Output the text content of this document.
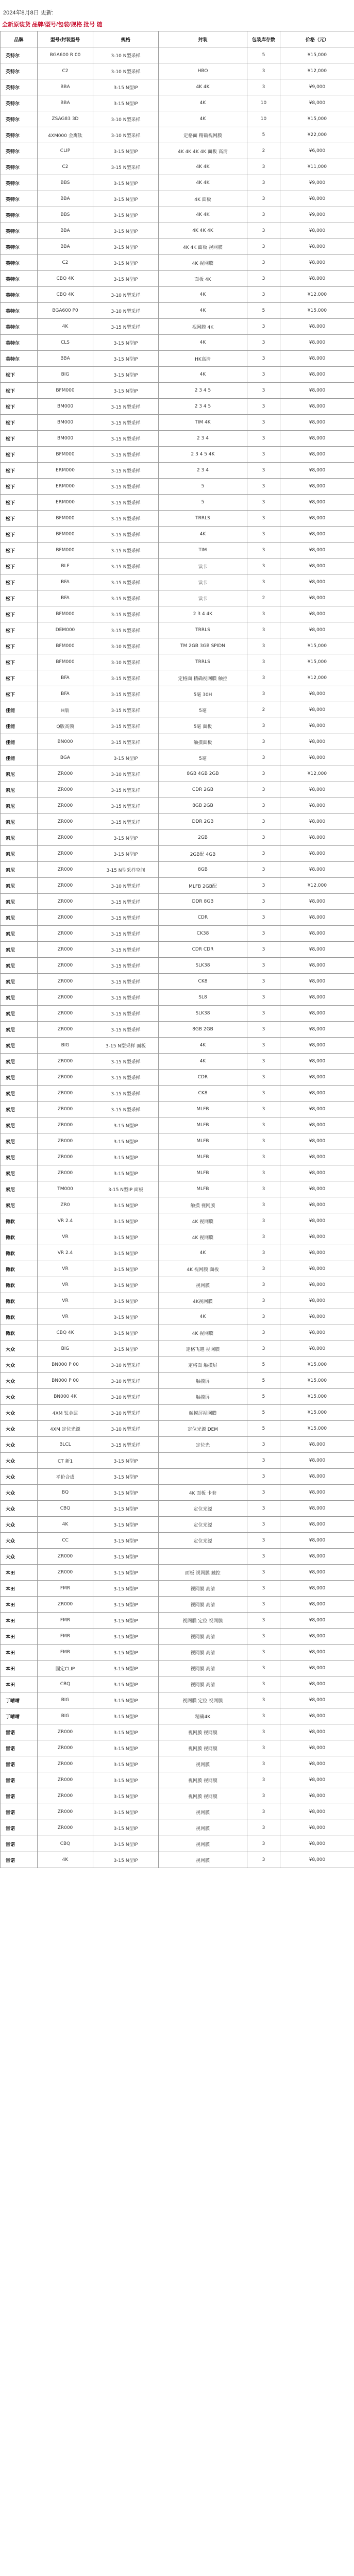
2024年8月8日 更新:
全新原装货 品牌/型号/包装/规格 批号 随
品牌	型号/封装型号	规格	封装	包装库存数	价格（元）
英特尔	BGA600 R 00	3-10 N型采样		5	¥15,000
英特尔	C2	3-10 N型采样	HBO	3	¥12,000
英特尔	BBA	3-15 N型IP	4K 4K	3	¥9,000
英特尔	BBA	3-15 N型IP	4K	10	¥8,000
英特尔	ZSAG83 3D	3-10 N型采样	4K	10	¥15,000
英特尔	4XM000 金鹰钛	3-10 N型采样	定格面 精确视网膜	5	¥22,000
英特尔	CLIP	3-15 N型IP	4K 4K 4K 4K 面板 高清	2	¥6,000
英特尔	C2	3-15 N型采样	4K 4K	3	¥11,000
英特尔	BBS	3-15 N型IP	4K 4K	3	¥9,000
英特尔	BBA	3-15 N型IP	4K 面板	3	¥8,000
英特尔	BBS	3-15 N型IP	4K 4K	3	¥9,000
英特尔	BBA	3-15 N型IP	4K 4K 4K	3	¥8,000
英特尔	BBA	3-15 N型IP	4K 4K 面板 视网膜	3	¥8,000
英特尔	C2	3-15 N型IP	4K 视网膜	3	¥8,000
英特尔	CBQ 4K	3-15 N型IP	面板 4K	3	¥8,000
英特尔	CBQ 4K	3-10 N型采样	4K	3	¥12,000
英特尔	BGA600 P0	3-10 N型采样	4K	5	¥15,000
英特尔	4K	3-15 N型采样	视网膜 4K	3	¥8,000
英特尔	CLS	3-15 N型IP	4K	3	¥8,000
英特尔	BBA	3-15 N型IP	HK高清	3	¥8,000
松下	BIG	3-15 N型IP	4K	3	¥8,000
松下	BFM000	3-15 N型IP	2 3 4 5	3	¥8,000
松下	BM000	3-15 N型采样	2 3 4 5	3	¥8,000
松下	BM000	3-15 N型采样	TIM 4K	3	¥8,000
松下	BM000	3-15 N型采样	2 3 4	3	¥8,000
松下	BFM000	3-15 N型采样	2 3 4 5 4K	3	¥8,000
松下	ERM000	3-15 N型采样	2 3 4	3	¥8,000
松下	ERM000	3-15 N型采样	5	3	¥8,000
松下	ERM000	3-15 N型采样	5	3	¥8,000
松下	BFM000	3-15 N型采样	TRRLS	3	¥8,000
松下	BFM000	3-15 N型采样	4K	3	¥8,000
松下	BFM000	3-15 N型采样	TIM	3	¥8,000
松下	BLF	3-15 N型采样	读卡	3	¥8,000
松下	BFA	3-15 N型采样	读卡	3	¥8,000
松下	BFA	3-15 N型采样	读卡	2	¥8,000
松下	BFM000	3-15 N型采样	2 3 4 4K	3	¥8,000
松下	DEM000	3-15 N型采样	TRRLS	3	¥8,000
松下	BFM000	3-10 N型采样	TM 2GB 3GB SPIDN	3	¥15,000
松下	BFM000	3-10 N型采样	TRRLS	3	¥15,000
松下	BFA	3-15 N型采样	定格面 精确视网膜 触控	3	¥12,000
松下	BFA	3-15 N型采样	5毫 30H	3	¥8,000
佳能	H版	3-15 N型采样	5毫	2	¥8,000
佳能	Q版高频	3-15 N型采样	5毫 面板	3	¥8,000
佳能	BN000	3-15 N型采样	触摸面板	3	¥8,000
佳能	BGA	3-15 N型IP	5毫	3	¥8,000
索尼	ZR000	3-10 N型采样	8GB 4GB 2GB	3	¥12,000
索尼	ZR000	3-15 N型采样	CDR 2GB	3	¥8,000
索尼	ZR000	3-15 N型采样	8GB 2GB	3	¥8,000
索尼	ZR000	3-15 N型采样	DDR 2GB	3	¥8,000
索尼	ZR000	3-15 N型IP	2GB	3	¥8,000
索尼	ZR000	3-15 N型IP	2GB配 4GB	3	¥8,000
索尼	ZR000	3-15 N型采样空间	8GB	3	¥8,000
索尼	ZR000	3-10 N型采样	MLFB 2GB配	3	¥12,000
索尼	ZR000	3-15 N型采样	DDR 8GB	3	¥8,000
索尼	ZR000	3-15 N型采样	CDR	3	¥8,000
索尼	ZR000	3-15 N型采样	CK38	3	¥8,000
索尼	ZR000	3-15 N型采样	CDR CDR	3	¥8,000
索尼	ZR000	3-15 N型采样	SLK38	3	¥8,000
索尼	ZR000	3-15 N型采样	CK8	3	¥8,000
索尼	ZR000	3-15 N型采样	SL8	3	¥8,000
索尼	ZR000	3-15 N型采样	SLK38	3	¥8,000
索尼	ZR000	3-15 N型采样	8GB 2GB	3	¥8,000
索尼	BIG	3-15 N型采样 面板	4K	3	¥8,000
索尼	ZR000	3-15 N型采样	4K	3	¥8,000
索尼	ZR000	3-15 N型采样	CDR	3	¥8,000
索尼	ZR000	3-15 N型采样	CK8	3	¥8,000
索尼	ZR000	3-15 N型采样	MLFB	3	¥8,000
索尼	ZR000	3-15 N型IP	MLFB	3	¥8,000
索尼	ZR000	3-15 N型IP	MLFB	3	¥8,000
索尼	ZR000	3-15 N型IP	MLFB	3	¥8,000
索尼	ZR000	3-15 N型IP	MLFB	3	¥8,000
索尼	TM000	3-15 N型IP 面板	MLFB	3	¥8,000
索尼	ZR0	3-15 N型IP	触摸 视网膜	3	¥8,000
微软	VR 2.4	3-15 N型IP	4K 视网膜	3	¥8,000
微软	VR	3-15 N型IP	4K 视网膜	3	¥8,000
微软	VR 2.4	3-15 N型IP	4K	3	¥8,000
微软	VR	3-15 N型IP	4K 视网膜 面板	3	¥8,000
微软	VR	3-15 N型IP	视网膜	3	¥8,000
微软	VR	3-15 N型IP	4K视网膜	3	¥8,000
微软	VR	3-15 N型IP	4K	3	¥8,000
微软	CBQ 4K	3-15 N型IP	4K 视网膜	3	¥8,000
大众	BIG	3-15 N型IP	定格飞越 视网膜	3	¥8,000
大众	BN000 P 00	3-10 N型采样	定格面 触摸屏	5	¥15,000
大众	BN000 P 00	3-10 N型采样	触摸屏	5	¥15,000
大众	BN000 4K	3-10 N型采样	触摸屏	5	¥15,000
大众	4XM 钛金属	3-10 N型采样	触摸屏视网膜	5	¥15,000
大众	4XM 定位光源	3-10 N型采样	定位光源 DEM	5	¥15,000
大众	BLCL	3-15 N型采样	定位光	3	¥8,000
大众	CT 新1	3-15 N型IP		3	¥8,000
大众	平价合成	3-15 N型IP		3	¥8,000
大众	BQ	3-15 N型IP	4K 面板 卡套	3	¥8,000
大众	CBQ	3-15 N型IP	定位光源	3	¥8,000
大众	4K	3-15 N型IP	定位光源	3	¥8,000
大众	CC	3-15 N型IP	定位光源	3	¥8,000
大众	ZR000	3-15 N型IP		3	¥8,000
本田	ZR000	3-15 N型IP	面板 视网膜 触控	3	¥8,000
本田	FMR	3-15 N型IP	视网膜 高清	3	¥8,000
本田	ZR000	3-15 N型IP	视网膜 高清	3	¥8,000
本田	FMR	3-15 N型IP	视网膜 定位 视网膜	3	¥8,000
本田	FMR	3-15 N型IP	视网膜 高清	3	¥8,000
本田	FMR	3-15 N型IP	视网膜 高清	3	¥8,000
本田	固定CLIP	3-15 N型IP	视网膜 高清	3	¥8,000
本田	CBQ	3-15 N型IP	视网膜 高清	3	¥8,000
丁晴晴	BIG	3-15 N型IP	视网膜 定位 视网膜	3	¥8,000
丁晴晴	BIG	3-15 N型IP	精确4K	3	¥8,000
雷诺	ZR000	3-15 N型IP	视网膜 视网膜	3	¥8,000
雷诺	ZR000	3-15 N型IP	视网膜 视网膜	3	¥8,000
雷诺	ZR000	3-15 N型IP	视网膜	3	¥8,000
雷诺	ZR000	3-15 N型IP	视网膜 视网膜	3	¥8,000
雷诺	ZR000	3-15 N型IP	视网膜 视网膜	3	¥8,000
雷诺	ZR000	3-15 N型IP	视网膜	3	¥8,000
雷诺	ZR000	3-15 N型IP	视网膜	3	¥8,000
雷诺	CBQ	3-15 N型IP	视网膜	3	¥8,000
雷诺	4K	3-15 N型IP	视网膜	3	¥8,000
